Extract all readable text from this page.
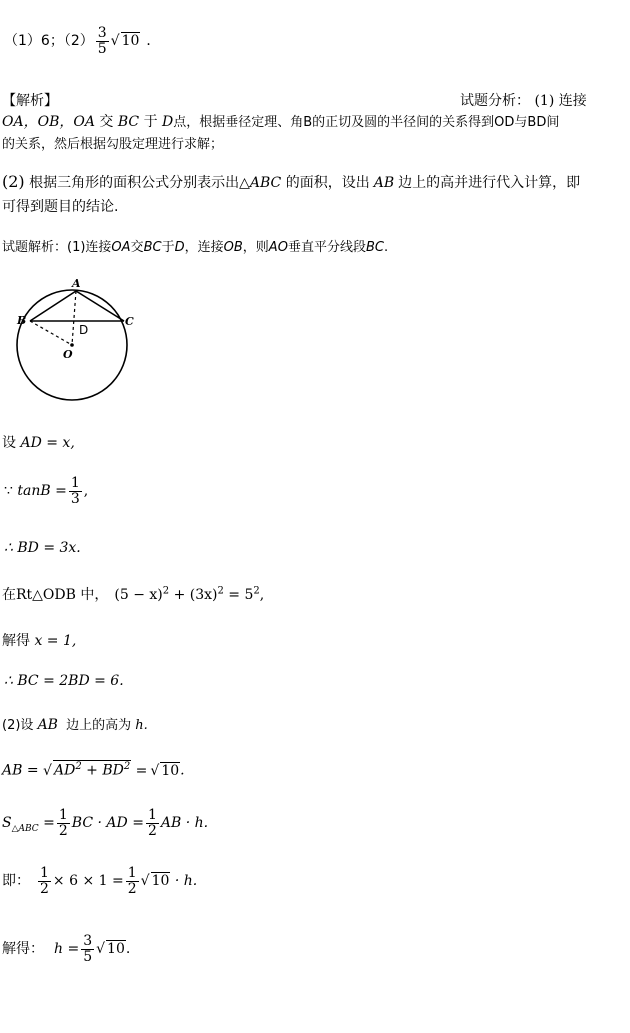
（1）6；$(2) \frac{3}{5}$ √ 10 ．
【解析】	试题分析： (1) 连接
OA，OB，OA 交 BC 于 D点，根据垂径定理、角B的正切及圆的半径间的关系得到OD与BD间
的关系，然后根据勾股定理进行求解；
(2) 根据三角形的面积公式分别表示出△ABC 的面积，设出 AB 边上的高并进行代入计算，即
可得到题目的结论.
试题解析：(1)连接OA交BC于D，连接OB，则AO垂直平分线段BC.
A
B	C
D
O
设 AD = x,
∵ $\tan B = \frac{1}{3}$ ,
∴ BD = 3x.
在Rt△ODB 中， $(5 - x)^2 + (3x)^2 = 5^2$,
解得 x = 1,
∴ BC = 2BD = 6.
(2)设 AB 边上的高为 h.
AB = √ $AD^2 + BD^2$ = √ 10.
$S_{\triangle ABC} = \frac{1}{2}$ BC · AD = $\frac{1}{2}$ AB · h.
即： $\frac{1}{2} \times 6 \times 1 = \frac{1}{2}$ √ 10 · h.
解得： $h = \frac{3}{5}$ √ 10.
